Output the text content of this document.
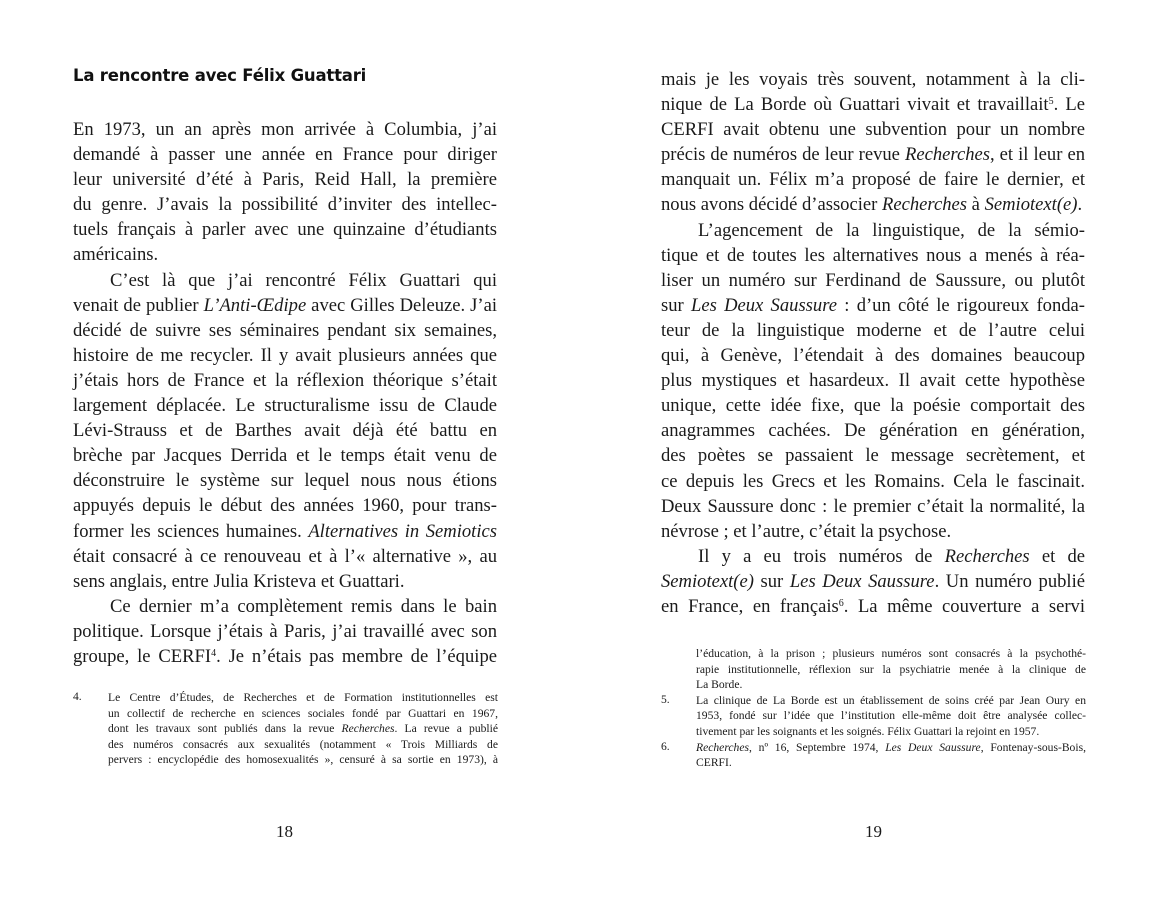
La rencontre avec Félix Guattari
En 1973, un an après mon arrivée à Columbia, j’ai
demandé à passer une année en France pour diriger
leur université d’été à Paris, Reid Hall, la première
du genre. J’avais la possibilité d’inviter des intellec-
tuels français à parler avec une quinzaine d’étudiants
américains.
C’est là que j’ai rencontré Félix Guattari qui
venait de publier L’Anti-Œdipe avec Gilles Deleuze. J’ai
décidé de suivre ses séminaires pendant six semaines,
histoire de me recycler. Il y avait plusieurs années que
j’étais hors de France et la réflexion théorique s’était
largement déplacée. Le structuralisme issu de Claude
Lévi-Strauss et de Barthes avait déjà été battu en
brèche par Jacques Derrida et le temps était venu de
déconstruire le système sur lequel nous nous étions
appuyés depuis le début des années 1960, pour trans-
former les sciences humaines. Alternatives in Semiotics
était consacré à ce renouveau et à l’« alternative », au
sens anglais, entre Julia Kristeva et Guattari.
Ce dernier m’a complètement remis dans le bain
politique. Lorsque j’étais à Paris, j’ai travaillé avec son
groupe, le CERFI$^4$. Je n’étais pas membre de l’équipe
4. Le Centre d’Études, de Recherches et de Formation institutionnelles est
un collectif de recherche en sciences sociales fondé par Guattari en 1967,
dont les travaux sont publiés dans la revue Recherches. La revue a publié
des numéros consacrés aux sexualités (notamment « Trois Milliards de
pervers : encyclopédie des homosexualités », censuré à sa sortie en 1973), à
18
mais je les voyais très souvent, notamment à la cli-
nique de La Borde où Guattari vivait et travaillait$^5$. Le
CERFI avait obtenu une subvention pour un nombre
précis de numéros de leur revue Recherches, et il leur en
manquait un. Félix m’a proposé de faire le dernier, et
nous avons décidé d’associer Recherches à Semiotext(e).
L’agencement de la linguistique, de la sémio-
tique et de toutes les alternatives nous a menés à réa-
liser un numéro sur Ferdinand de Saussure, ou plutôt
sur Les Deux Saussure : d’un côté le rigoureux fonda-
teur de la linguistique moderne et de l’autre celui
qui, à Genève, l’étendait à des domaines beaucoup
plus mystiques et hasardeux. Il avait cette hypothèse
unique, cette idée fixe, que la poésie comportait des
anagrammes cachées. De génération en génération,
des poètes se passaient le message secrètement, et
ce depuis les Grecs et les Romains. Cela le fascinait.
Deux Saussure donc : le premier c’était la normalité, la
névrose ; et l’autre, c’était la psychose.
Il y a eu trois numéros de Recherches et de
Semiotext(e) sur Les Deux Saussure. Un numéro publié
en France, en français$^6$. La même couverture a servi
l’éducation, à la prison ; plusieurs numéros sont consacrés à la psychothé-
rapie institutionnelle, réflexion sur la psychiatrie menée à la clinique de
La Borde.
5. La clinique de La Borde est un établissement de soins créé par Jean Oury en
1953, fondé sur l’idée que l’institution elle-même doit être analysée collec-
tivement par les soignants et les soignés. Félix Guattari la rejoint en 1957.
6. Recherches, nº 16, Septembre 1974, Les Deux Saussure, Fontenay-sous-Bois,
CERFI.
19
